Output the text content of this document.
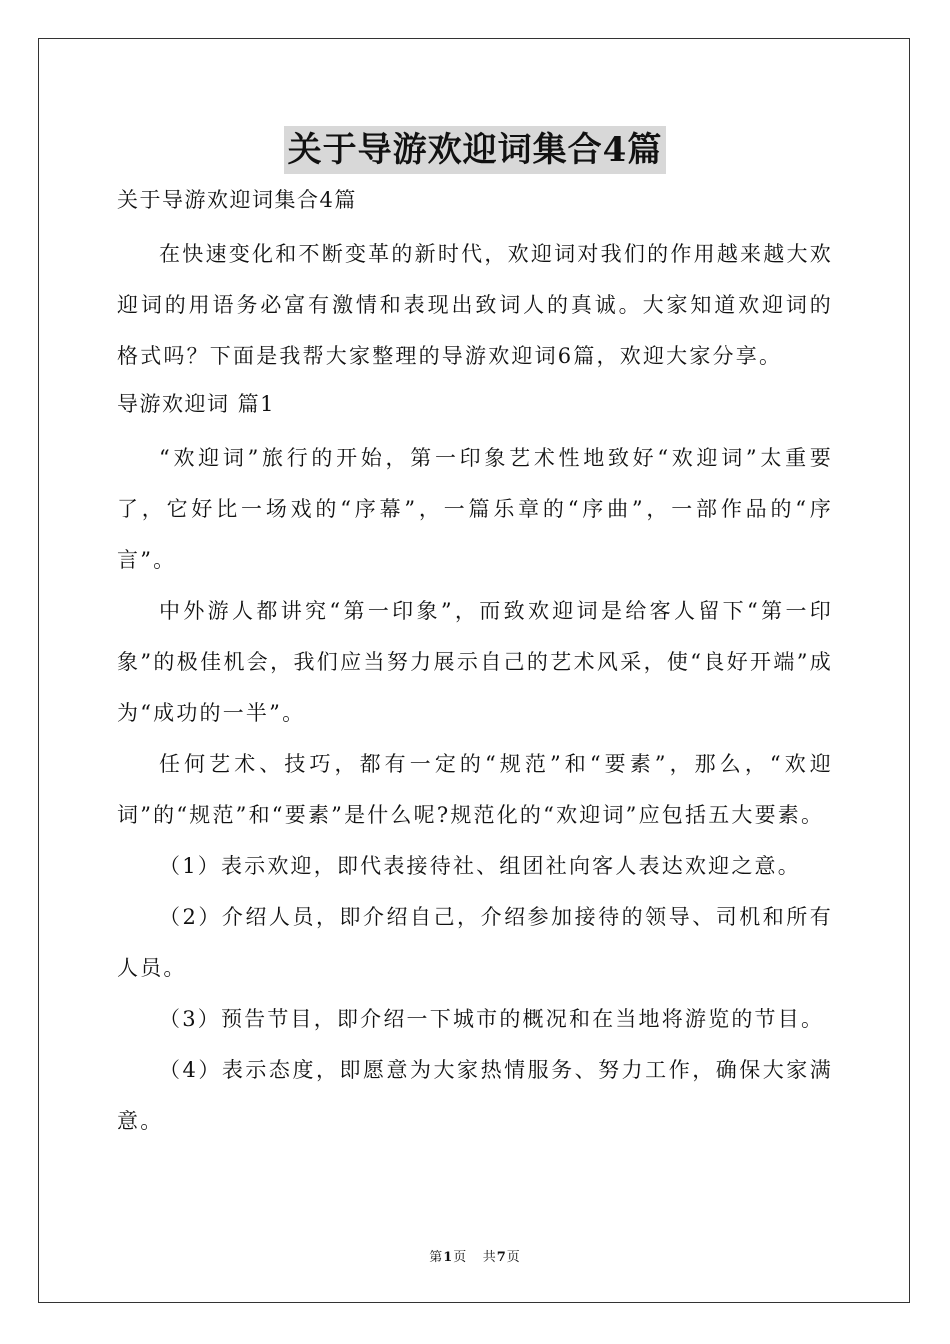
关于导游欢迎词集合4篇
关于导游欢迎词集合4篇

在快速变化和不断变革的新时代，欢迎词对我们的作用越来越大欢迎词的用语务必富有激情和表现出致词人的真诚。大家知道欢迎词的格式吗？下面是我帮大家整理的导游欢迎词6篇，欢迎大家分享。

导游欢迎词 篇1

“欢迎词”旅行的开始，第一印象艺术性地致好“欢迎词”太重要了，它好比一场戏的“序幕”，一篇乐章的“序曲”，一部作品的“序言”。

中外游人都讲究“第一印象”，而致欢迎词是给客人留下“第一印象”的极佳机会，我们应当努力展示自己的艺术风采，使“良好开端”成为“成功的一半”。

任何艺术、技巧，都有一定的“规范”和“要素”，那么，“欢迎词”的“规范”和“要素”是什么呢?规范化的“欢迎词”应包括五大要素。

（1）表示欢迎，即代表接待社、组团社向客人表达欢迎之意。

（2）介绍人员，即介绍自己，介绍参加接待的领导、司机和所有人员。

（3）预告节目，即介绍一下城市的概况和在当地将游览的节目。

（4）表示态度，即愿意为大家热情服务、努力工作，确保大家满意。

第1页 共7页
